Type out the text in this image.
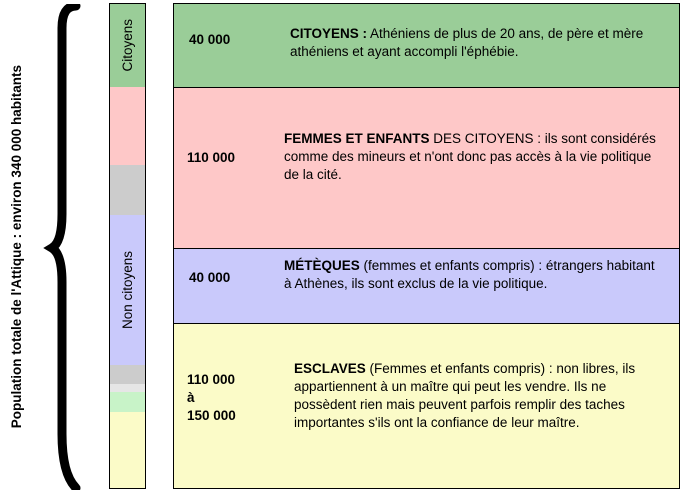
Population totale de l'Attique : environ 340 000 habitants
Citoyens
Non citoyens
40 000	CITOYENS : Athéniens de plus de 20 ans, de père et mère athéniens et ayant accompli l'éphébie.
110 000
FEMMES ET ENFANTS DES CITOYENS : ils sont considérés comme des mineurs et n'ont donc pas accès à la vie politique de la cité.
40 000
MÉTÈQUES (femmes et enfants compris) : étrangers habitant à Athènes, ils sont exclus de la vie politique.
110 000
à
150 000
ESCLAVES (Femmes et enfants compris) : non libres, ils appartiennent à un maître qui peut les vendre. Ils ne possèdent rien mais peuvent parfois remplir des taches importantes s'ils ont la confiance de leur maître.
